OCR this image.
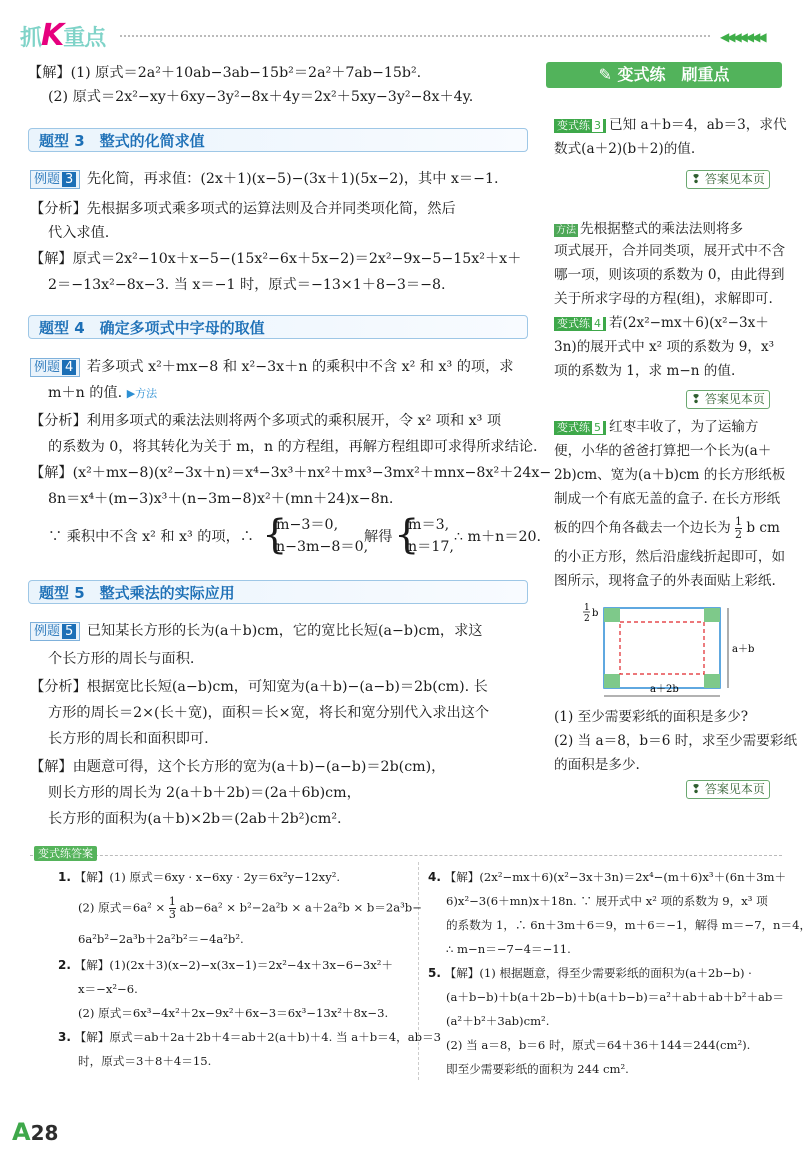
抓K重点	◀◀◀◀◀◀◀
【解】(1) 原式＝2a²＋10ab−3ab−15b²＝2a²＋7ab−15b².
(2) 原式＝2x²−xy＋6xy−3y²−8x＋4y＝2x²＋5xy−3y²−8x＋4y.
题型 3　整式的化简求值
例题 3 先化简，再求值：(2x＋1)(x−5)−(3x＋1)(5x−2)，其中 x＝−1.
【分析】先根据多项式乘多项式的运算法则及合并同类项化简，然后
代入求值.
【解】原式＝2x²−10x＋x−5−(15x²−6x＋5x−2)＝2x²−9x−5−15x²＋x＋
2＝−13x²−8x−3. 当 x＝−1 时，原式＝−13×1＋8−3＝−8.
题型 4　确定多项式中字母的取值
例题 4 若多项式 x²＋mx−8 和 x²−3x＋n 的乘积中不含 x² 和 x³ 的项，求
m＋n 的值. ▶方法
【分析】利用多项式的乘法法则将两个多项式的乘积展开，令 x² 项和 x³ 项
的系数为 0，将其转化为关于 m，n 的方程组，再解方程组即可求得所求结论.
【解】(x²＋mx−8)(x²−3x＋n)＝x⁴−3x³＋nx²＋mx³−3mx²＋mnx−8x²＋24x−
8n＝x⁴＋(m−3)x³＋(n−3m−8)x²＋(mn＋24)x−8n.
∵ 乘积中不含 x² 和 x³ 的项，∴ {
m−3＝0,
n−3m−8＝0,
解得 {
m＝3,
n＝17,
∴ m＋n＝20.
题型 5　整式乘法的实际应用
例题 5 已知某长方形的长为(a＋b)cm，它的宽比长短(a−b)cm，求这
个长方形的周长与面积.
【分析】根据宽比长短(a−b)cm，可知宽为(a＋b)−(a−b)＝2b(cm). 长
方形的周长＝2×(长＋宽)，面积＝长×宽，将长和宽分别代入求出这个
长方形的周长和面积即可.
【解】由题意可得，这个长方形的宽为(a＋b)−(a−b)＝2b(cm)，
则长方形的周长为 2(a＋b＋2b)＝(2a＋6b)cm，
长方形的面积为(a＋b)×2b＝(2ab＋2b²)cm².
✎ 变式练　刷重点
变式练 3 已知 a＋b＝4，ab＝3，求代
数式(a＋2)(b＋2)的值.
❢ 答案见本页
方法 先根据整式的乘法法则将多
项式展开，合并同类项，展开式中不含
哪一项，则该项的系数为 0，由此得到
关于所求字母的方程(组)，求解即可.
变式练 4 若(2x²−mx＋6)(x²−3x＋
3n)的展开式中 x² 项的系数为 9，x³
项的系数为 1，求 m−n 的值.
❢ 答案见本页
变式练 5 红枣丰收了，为了运输方
便，小华的爸爸打算把一个长为(a＋
2b)cm、宽为(a＋b)cm 的长方形纸板
制成一个有底无盖的盒子. 在长方形纸
板的四个角各截去一个边长为 $\frac{1}{2}$ b cm
的小正方形，然后沿虚线折起即可，如
图所示，现将盒子的外表面贴上彩纸.
a＋b
a＋2b
1
2 b
(1) 至少需要彩纸的面积是多少?
(2) 当 a＝8，b＝6 时，求至少需要彩纸
的面积是多少.
❢ 答案见本页
变式练答案
1. 【解】(1) 原式＝6xy · x−6xy · 2y＝6x²y−12xy².
(2) 原式$=6a^2 \times \frac{1}{3} ab-6a^2 \times b^2-2a^2b \times a+2a^2b \times b=2a^3b-$
6a²b²−2a³b＋2a²b²＝−4a²b².
2. 【解】(1)(2x＋3)(x−2)−x(3x−1)＝2x²−4x＋3x−6−3x²＋
x＝−x²−6.
(2) 原式＝6x³−4x²＋2x−9x²＋6x−3＝6x³−13x²＋8x−3.
3. 【解】原式＝ab＋2a＋2b＋4＝ab＋2(a＋b)＋4. 当 a＋b＝4，ab＝3
时，原式＝3＋8＋4＝15.
4. 【解】(2x²−mx＋6)(x²−3x＋3n)＝2x⁴−(m＋6)x³＋(6n＋3m＋
6)x²−3(6＋mn)x＋18n. ∵ 展开式中 x² 项的系数为 9，x³ 项
的系数为 1，∴ 6n＋3m＋6＝9，m＋6＝−1，解得 m＝−7，n＝4，
∴ m−n＝−7−4＝−11.
5. 【解】(1) 根据题意，得至少需要彩纸的面积为(a＋2b−b) ·
(a＋b−b)＋b(a＋2b−b)＋b(a＋b−b)＝a²＋ab＋ab＋b²＋ab＝
(a²＋b²＋3ab)cm².
(2) 当 a＝8，b＝6 时，原式＝64＋36＋144＝244(cm²).
即至少需要彩纸的面积为 244 cm².
A28
